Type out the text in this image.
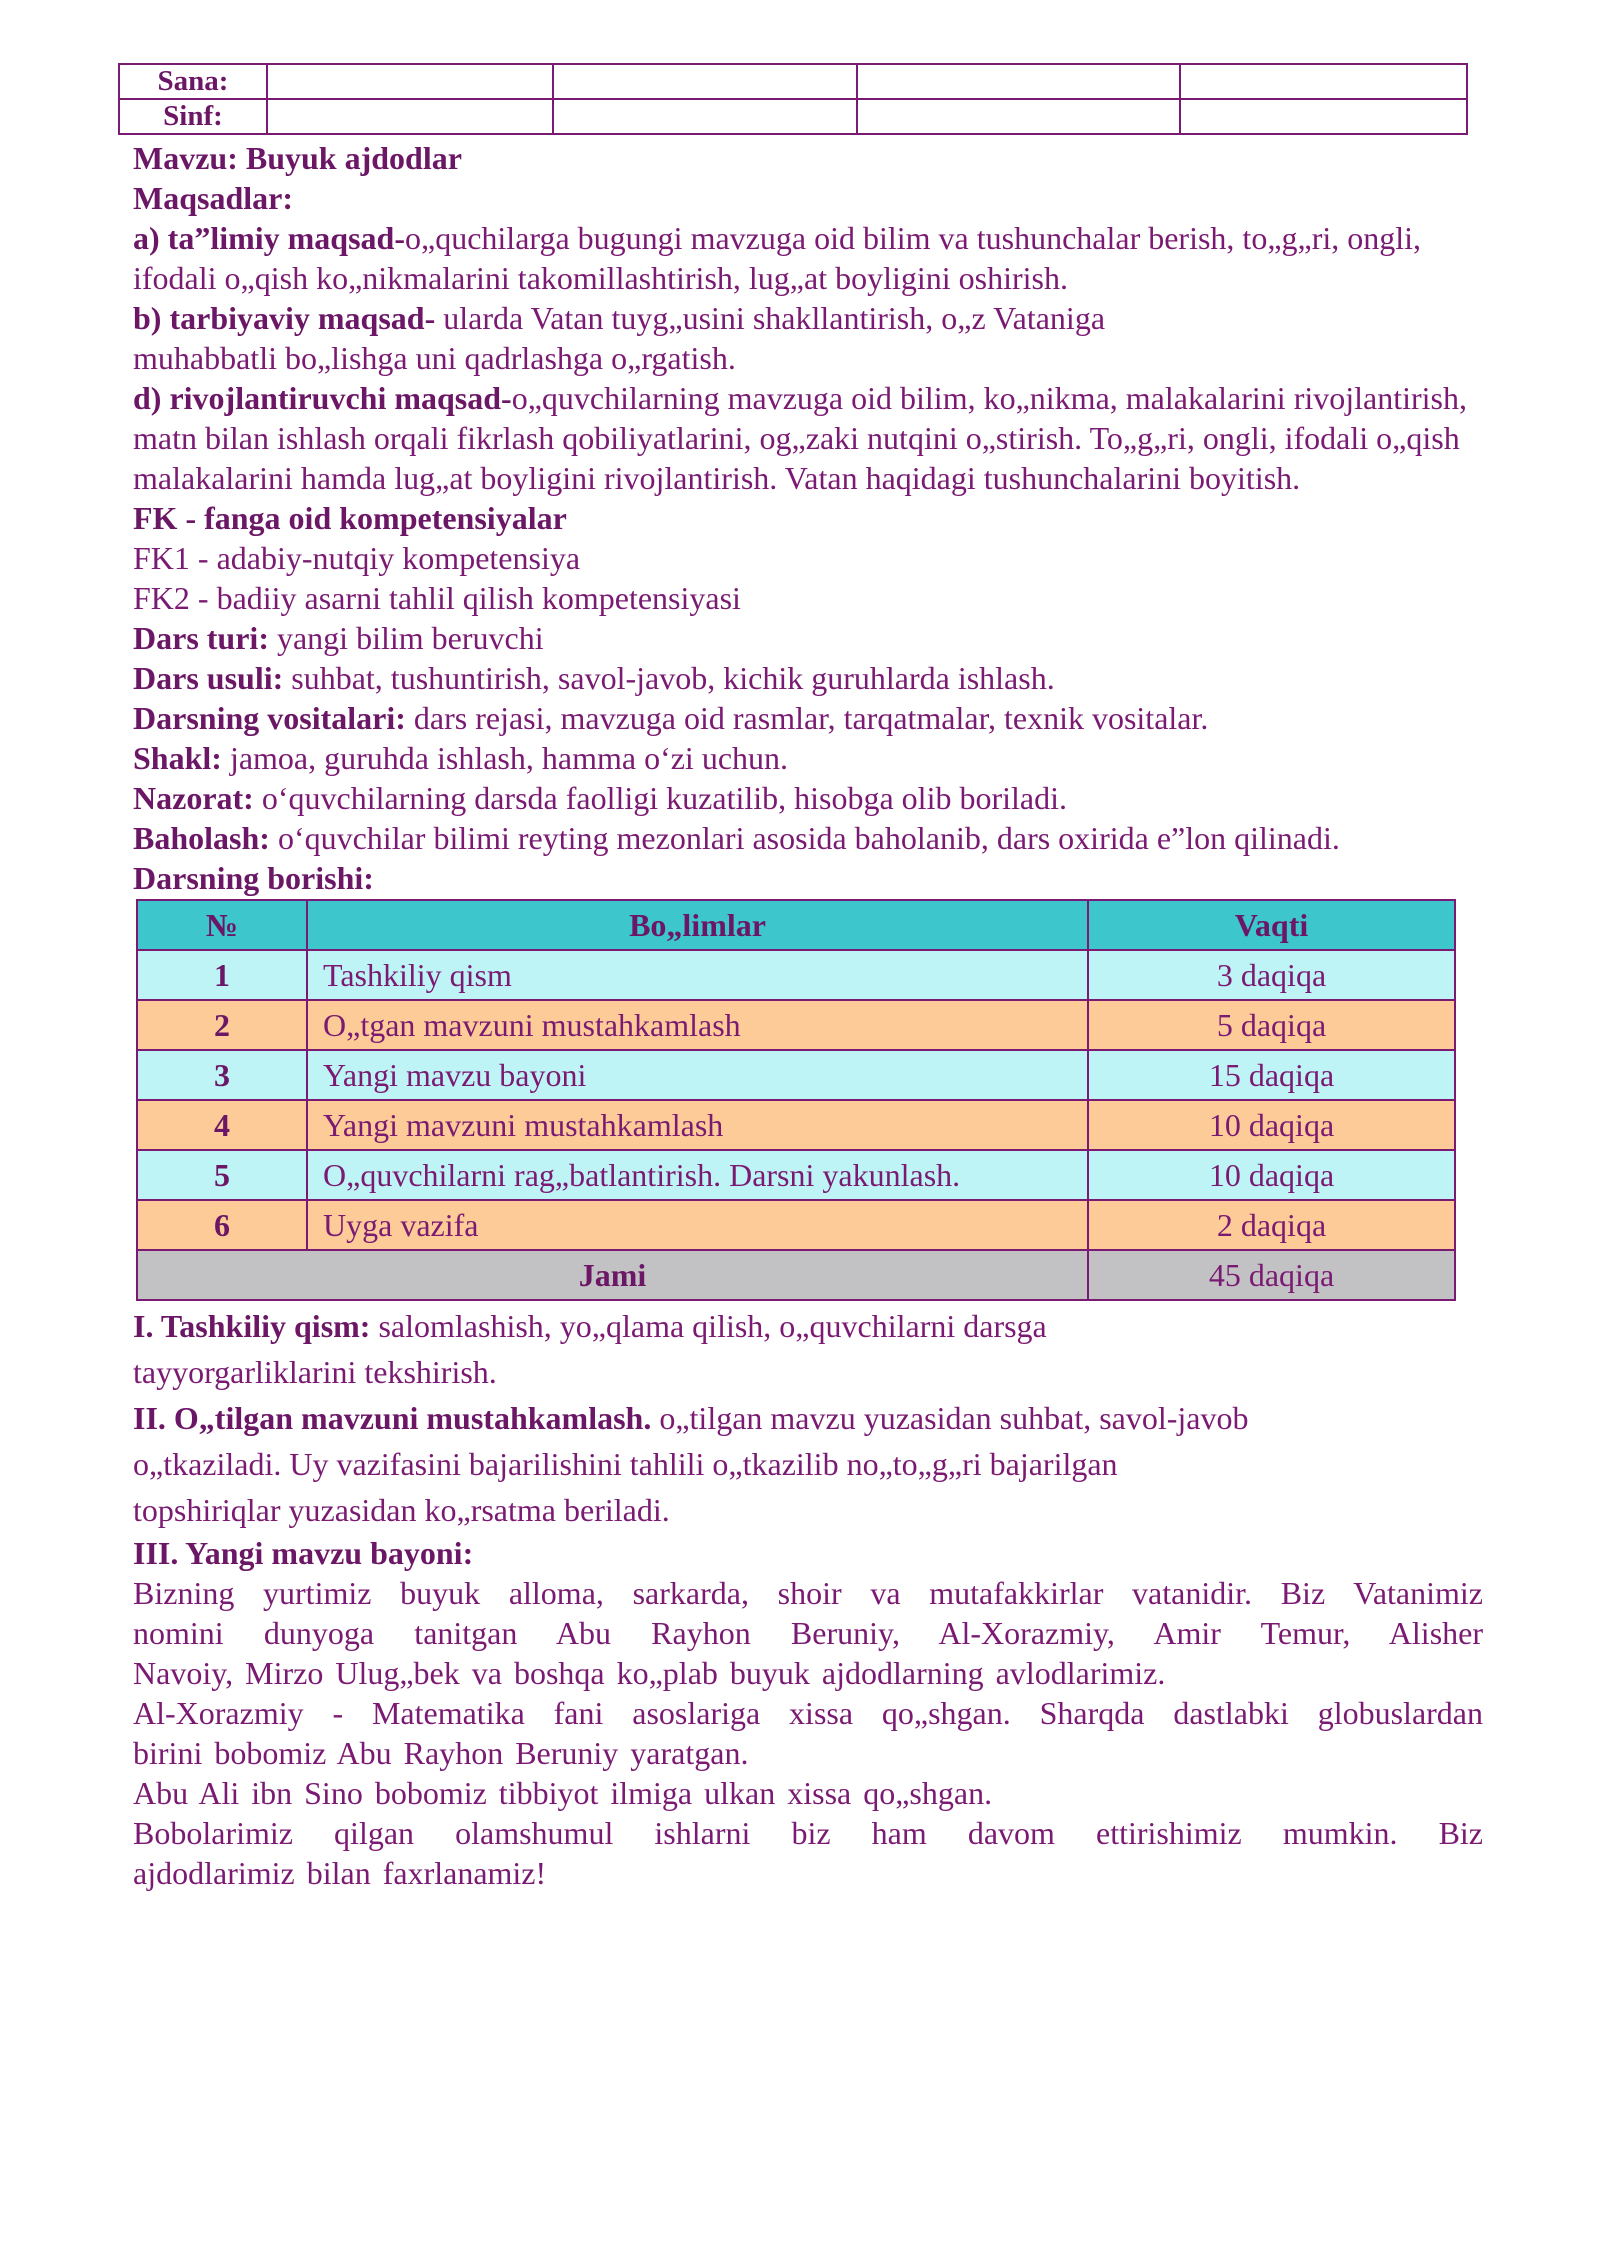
Sana:				
Sinf:				

Mavzu: Buyuk ajdodlar

Maqsadlar:

a) taˮlimiy maqsad-o„quchilarga bugungi mavzuga oid bilim va tushunchalar berish, to„g„ri, ongli, ifodali o„qish ko„nikmalarini takomillashtirish, lug„at boyligini oshirish.

b) tarbiyaviy maqsad- ularda Vatan tuyg„usini shakllantirish, o„z Vataniga
muhabbatli bo„lishga uni qadrlashga o„rgatish.

d) rivojlantiruvchi maqsad-o„quvchilarning mavzuga oid bilim, ko„nikma, malakalarini rivojlantirish, matn bilan ishlash orqali fikrlash qobiliyatlarini, og„zaki nutqini o„stirish. To„g„ri, ongli, ifodali o„qish malakalarini hamda lug„at boyligini rivojlantirish. Vatan haqidagi tushunchalarini boyitish.

FK - fanga oid kompetensiyalar

FK1 - adabiy-nutqiy kompetensiya

FK2 - badiiy asarni tahlil qilish kompetensiyasi

Dars turi: yangi bilim beruvchi

Dars usuli: suhbat, tushuntirish, savol-javob, kichik guruhlarda ishlash.

Darsning vositalari: dars rejasi, mavzuga oid rasmlar, tarqatmalar, texnik vositalar.

Shakl: jamoa, guruhda ishlash, hamma o‘zi uchun.

Nazorat: o‘quvchilarning darsda faolligi kuzatilib, hisobga olib boriladi.

Baholash: o‘quvchilar bilimi reyting mezonlari asosida baholanib, dars oxirida eˮlon qilinadi.

Darsning borishi:

№	Bo„limlar	Vaqti
1	Tashkiliy qism	3 daqiqa
2	O„tgan mavzuni mustahkamlash	5 daqiqa
3	Yangi mavzu bayoni	15 daqiqa
4	Yangi mavzuni mustahkamlash	10 daqiqa
5	O„quvchilarni rag„batlantirish. Darsni yakunlash.	10 daqiqa
6	Uyga vazifa	2 daqiqa
Jami		45 daqiqa
I. Tashkiliy qism: salomlashish, yo„qlama qilish, o„quvchilarni darsga
tayyorgarliklarini tekshirish.
II. O„tilgan mavzuni mustahkamlash. o„tilgan mavzu yuzasidan suhbat, savol-javob
o„tkaziladi. Uy vazifasini bajarilishini tahlili o„tkazilib no„to„g„ri bajarilgan
topshiriqlar yuzasidan ko„rsatma beriladi.

III. Yangi mavzu bayoni:

Bizning yurtimiz buyuk alloma, sarkarda, shoir va mutafakkirlar vatanidir. Biz Vatanimiz
nomini dunyoga tanitgan Abu Rayhon Beruniy, Al-Xorazmiy, Amir Temur, Alisher
Navoiy, Mirzo Ulug„bek va boshqa ko„plab buyuk ajdodlarning avlodlarimiz.
Al-Xorazmiy - Matematika fani asoslariga xissa qo„shgan. Sharqda dastlabki globuslardan
birini bobomiz Abu Rayhon Beruniy yaratgan.
Abu Ali ibn Sino bobomiz tibbiyot ilmiga ulkan xissa qo„shgan.
Bobolarimiz qilgan olamshumul ishlarni biz ham davom ettirishimiz mumkin. Biz
ajdodlarimiz bilan faxrlanamiz!
